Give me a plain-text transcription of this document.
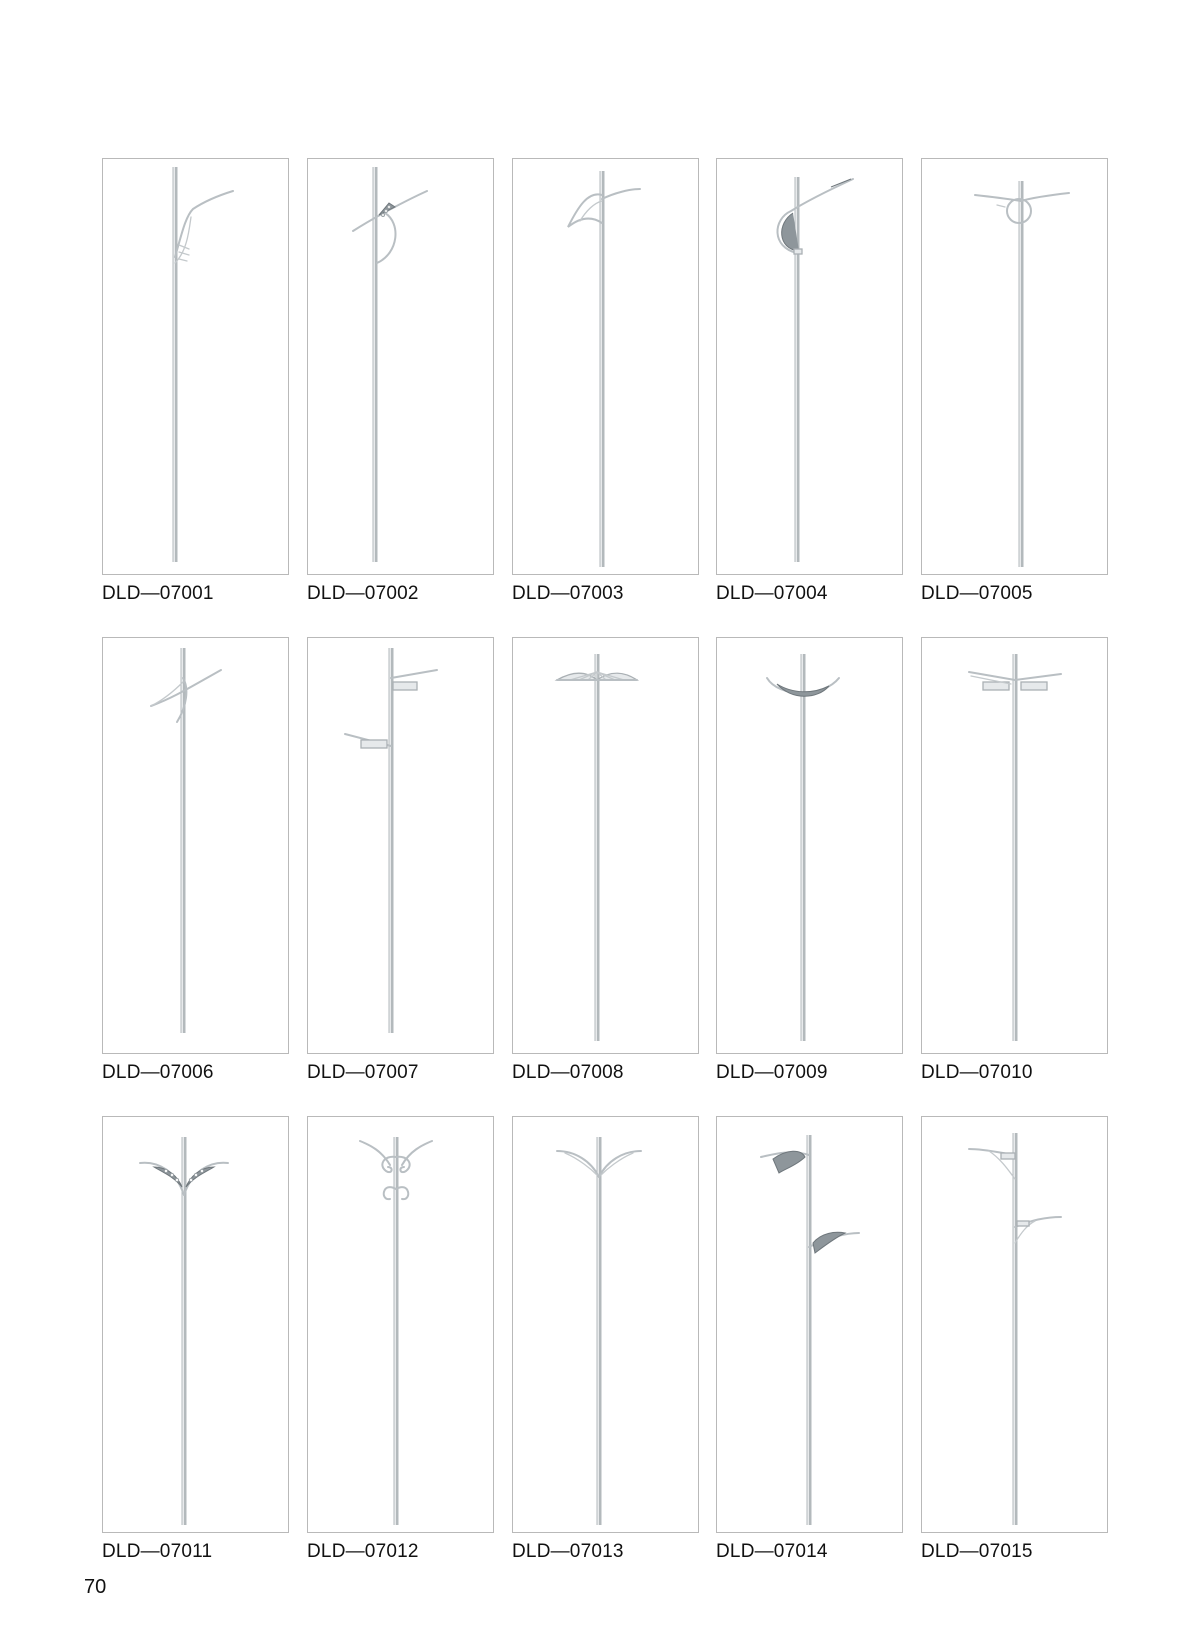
DLD—07001	DLD—07002	DLD—07003	DLD—07004	DLD—07005
DLD—07006	DLD—07007	DLD—07008	DLD—07009	DLD—07010
DLD—07011	DLD—07012	DLD—07013	DLD—07014	DLD—07015
70
